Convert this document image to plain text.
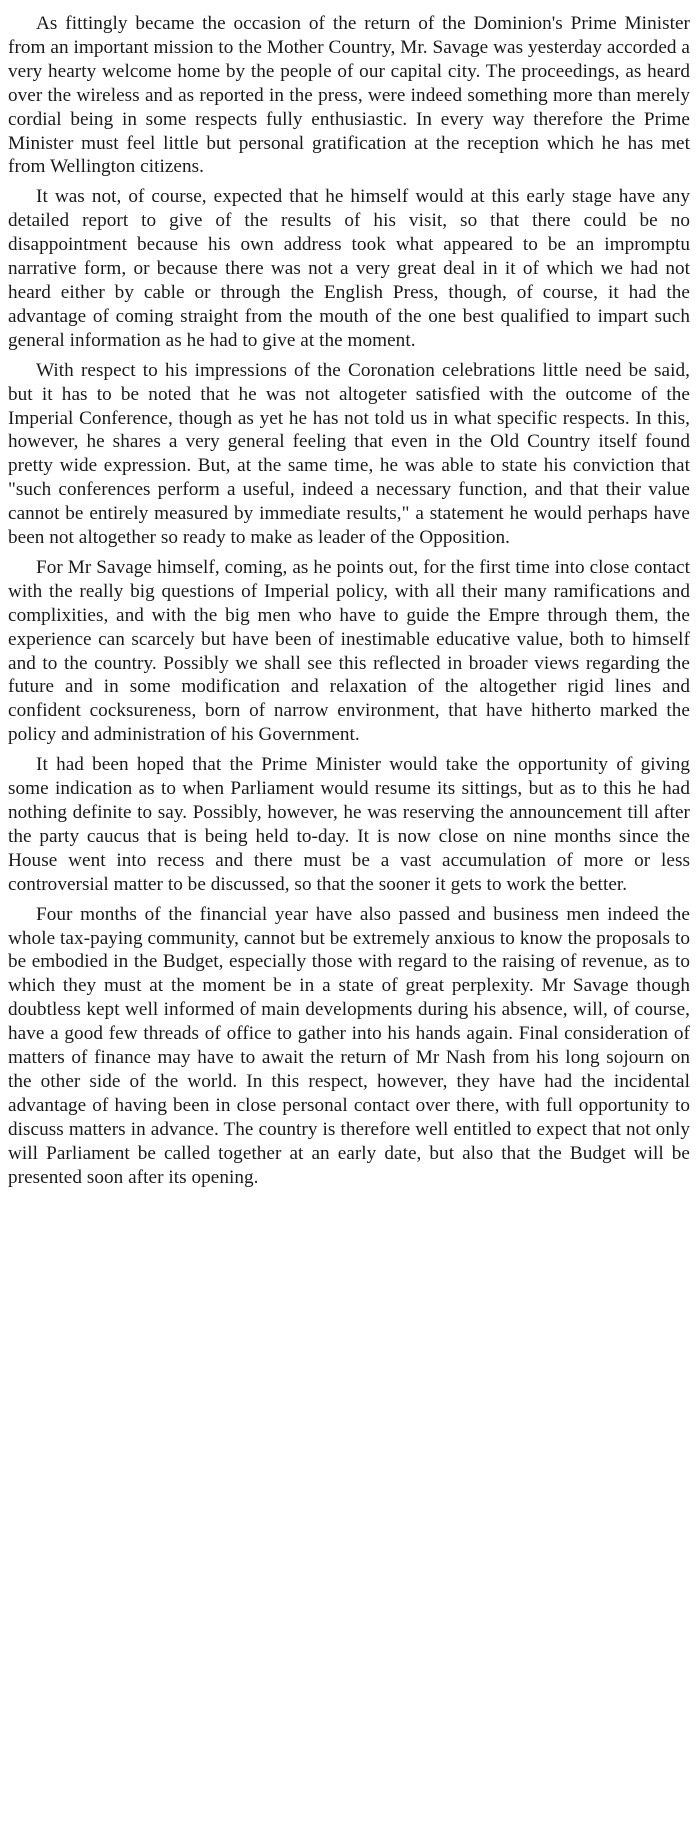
As fittingly became the occasion of the return of the Dominion's Prime Minister from an important mission to the Mother Country, Mr. Savage was yesterday accorded a very hearty welcome home by the people of our capital city. The proceedings, as heard over the wireless and as reported in the press, were indeed something more than merely cordial being in some respects fully enthusiastic. In every way therefore the Prime Minister must feel little but personal gratification at the reception which he has met from Wellington citizens.

It was not, of course, expected that he himself would at this early stage have any detailed report to give of the results of his visit, so that there could be no disappointment because his own address took what appeared to be an impromptu narrative form, or because there was not a very great deal in it of which we had not heard either by cable or through the English Press, though, of course, it had the advantage of coming straight from the mouth of the one best qualified to impart such general information as he had to give at the moment.

With respect to his impressions of the Coronation celebrations little need be said, but it has to be noted that he was not altogeter satisfied with the outcome of the Imperial Conference, though as yet he has not told us in what specific respects. In this, however, he shares a very general feeling that even in the Old Country itself found pretty wide expression. But, at the same time, he was able to state his conviction that "such conferences perform a useful, indeed a necessary function, and that their value cannot be entirely measured by immediate results," a statement he would perhaps have been not altogether so ready to make as leader of the Opposition.

For Mr Savage himself, coming, as he points out, for the first time into close contact with the really big questions of Imperial policy, with all their many ramifications and complixities, and with the big men who have to guide the Empre through them, the experience can scarcely but have been of inestimable educative value, both to himself and to the country. Possibly we shall see this reflected in broader views regarding the future and in some modification and relaxation of the altogether rigid lines and confident cocksureness, born of narrow environment, that have hitherto marked the policy and administration of his Government.

It had been hoped that the Prime Minister would take the opportunity of giving some indication as to when Parliament would resume its sittings, but as to this he had nothing definite to say. Possibly, however, he was reserving the announcement till after the party caucus that is being held to-day. It is now close on nine months since the House went into recess and there must be a vast accumulation of more or less controversial matter to be discussed, so that the sooner it gets to work the better.

Four months of the financial year have also passed and business men indeed the whole tax-paying community, cannot but be extremely anxious to know the proposals to be embodied in the Budget, especially those with regard to the raising of revenue, as to which they must at the moment be in a state of great perplexity. Mr Savage though doubtless kept well informed of main developments during his absence, will, of course, have a good few threads of office to gather into his hands again. Final consideration of matters of finance may have to await the return of Mr Nash from his long sojourn on the other side of the world. In this respect, however, they have had the incidental advantage of having been in close personal contact over there, with full opportunity to discuss matters in advance. The country is therefore well entitled to expect that not only will Parliament be called together at an early date, but also that the Budget will be presented soon after its opening.
